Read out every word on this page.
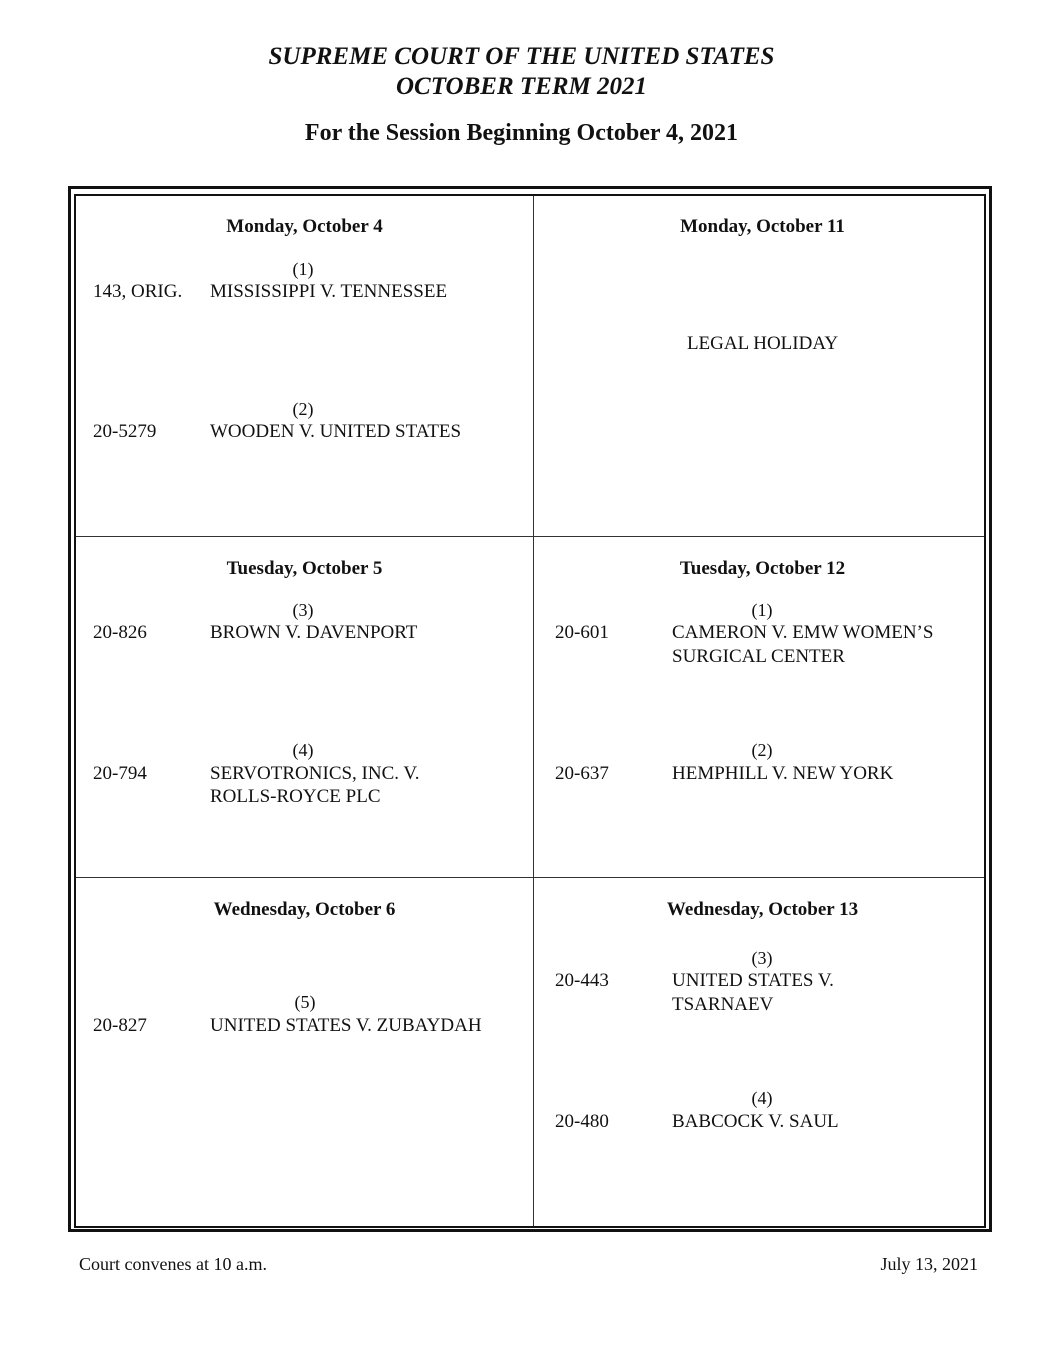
SUPREME COURT OF THE UNITED STATES
OCTOBER TERM 2021
For the Session Beginning October 4, 2021
Monday, October 4
(1)
143, ORIG. MISSISSIPPI V. TENNESSEE
(2)
20-5279	WOODEN V. UNITED STATES
Monday, October 11
LEGAL HOLIDAY
Tuesday, October 5
(3)
20-826	BROWN V. DAVENPORT
(4)
20-794	SERVOTRONICS, INC. V.
ROLLS-ROYCE PLC
Tuesday, October 12
(1)
20-601	CAMERON V. EMW WOMEN’S
SURGICAL CENTER
(2)
20-637	HEMPHILL V. NEW YORK
Wednesday, October 6
(5)
20-827	UNITED STATES V. ZUBAYDAH
Wednesday, October 13
(3)
20-443	UNITED STATES V.
TSARNAEV
(4)
20-480	BABCOCK V. SAUL
Court convenes at 10 a.m.	July 13, 2021
